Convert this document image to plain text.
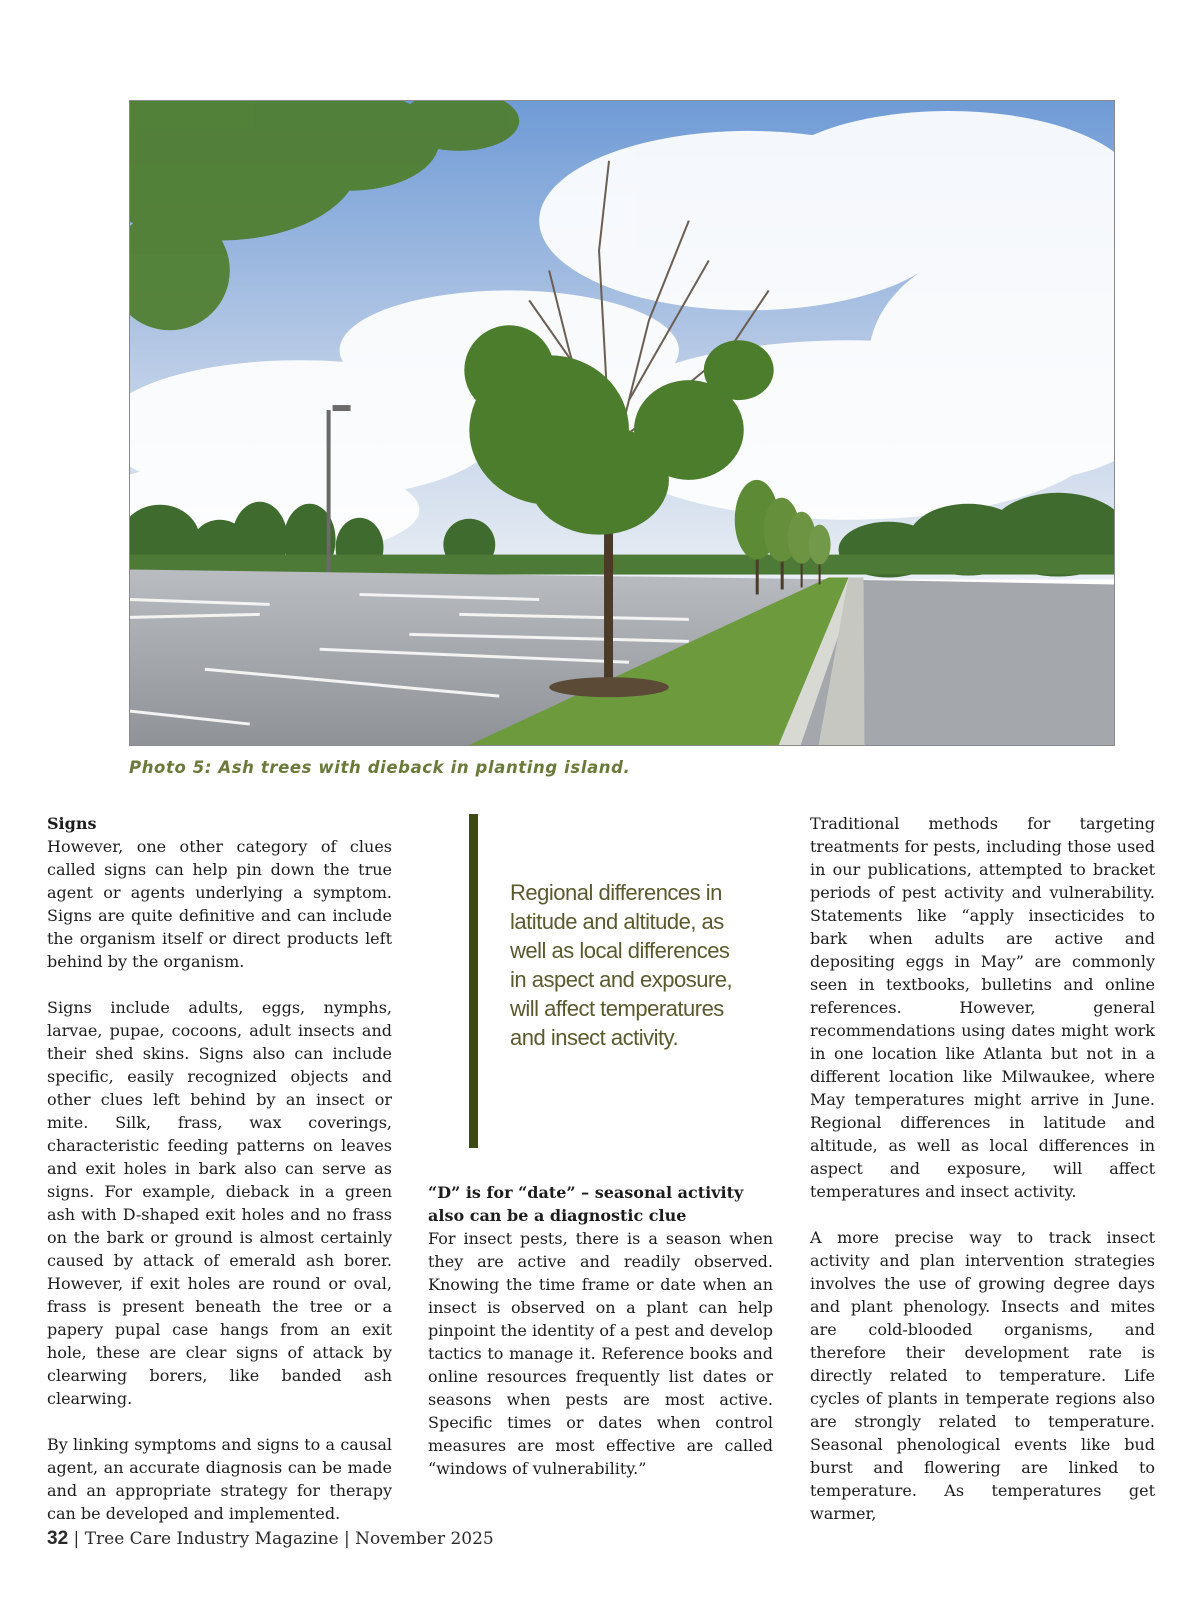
Photo 5: Ash trees with dieback in planting island.
Signs

However, one other category of clues called signs can help pin down the true agent or agents underlying a symptom. Signs are quite definitive and can include the organism itself or direct products left behind by the organism.

Signs include adults, eggs, nymphs, larvae, pupae, cocoons, adult insects and their shed skins. Signs also can include specific, easily recognized objects and other clues left behind by an insect or mite. Silk, frass, wax coverings, characteristic feeding patterns on leaves and exit holes in bark also can serve as signs. For example, dieback in a green ash with D-shaped exit holes and no frass on the bark or ground is almost certainly caused by attack of emerald ash borer. However, if exit holes are round or oval, frass is present beneath the tree or a papery pupal case hangs from an exit hole, these are clear signs of attack by clearwing borers, like banded ash clearwing.

By linking symptoms and signs to a causal agent, an accurate diagnosis can be made and an appropriate strategy for therapy can be developed and implemented.

Regional differences in latitude and altitude, as well as local differences in aspect and exposure, will affect temperatures and insect activity.
“D” is for “date” – seasonal activity also can be a diagnostic clue

For insect pests, there is a season when they are active and readily observed. Knowing the time frame or date when an insect is observed on a plant can help pinpoint the identity of a pest and develop tactics to manage it. Reference books and online resources frequently list dates or seasons when pests are most active. Specific times or dates when control measures are most effective are called “windows of vulnerability.”

Traditional methods for targeting treatments for pests, including those used in our publications, attempted to bracket periods of pest activity and vulnerability. Statements like “apply insecticides to bark when adults are active and depositing eggs in May” are commonly seen in textbooks, bulletins and online references. However, general recommendations using dates might work in one location like Atlanta but not in a different location like Milwaukee, where May temperatures might arrive in June. Regional differences in latitude and altitude, as well as local differences in aspect and exposure, will affect temperatures and insect activity.

A more precise way to track insect activity and plan intervention strategies involves the use of growing degree days and plant phenology. Insects and mites are cold-blooded organisms, and therefore their development rate is directly related to temperature. Life cycles of plants in temperate regions also are strongly related to temperature. Seasonal phenological events like bud burst and flowering are linked to temperature. As temperatures get warmer,

32 | Tree Care Industry Magazine | November 2025
